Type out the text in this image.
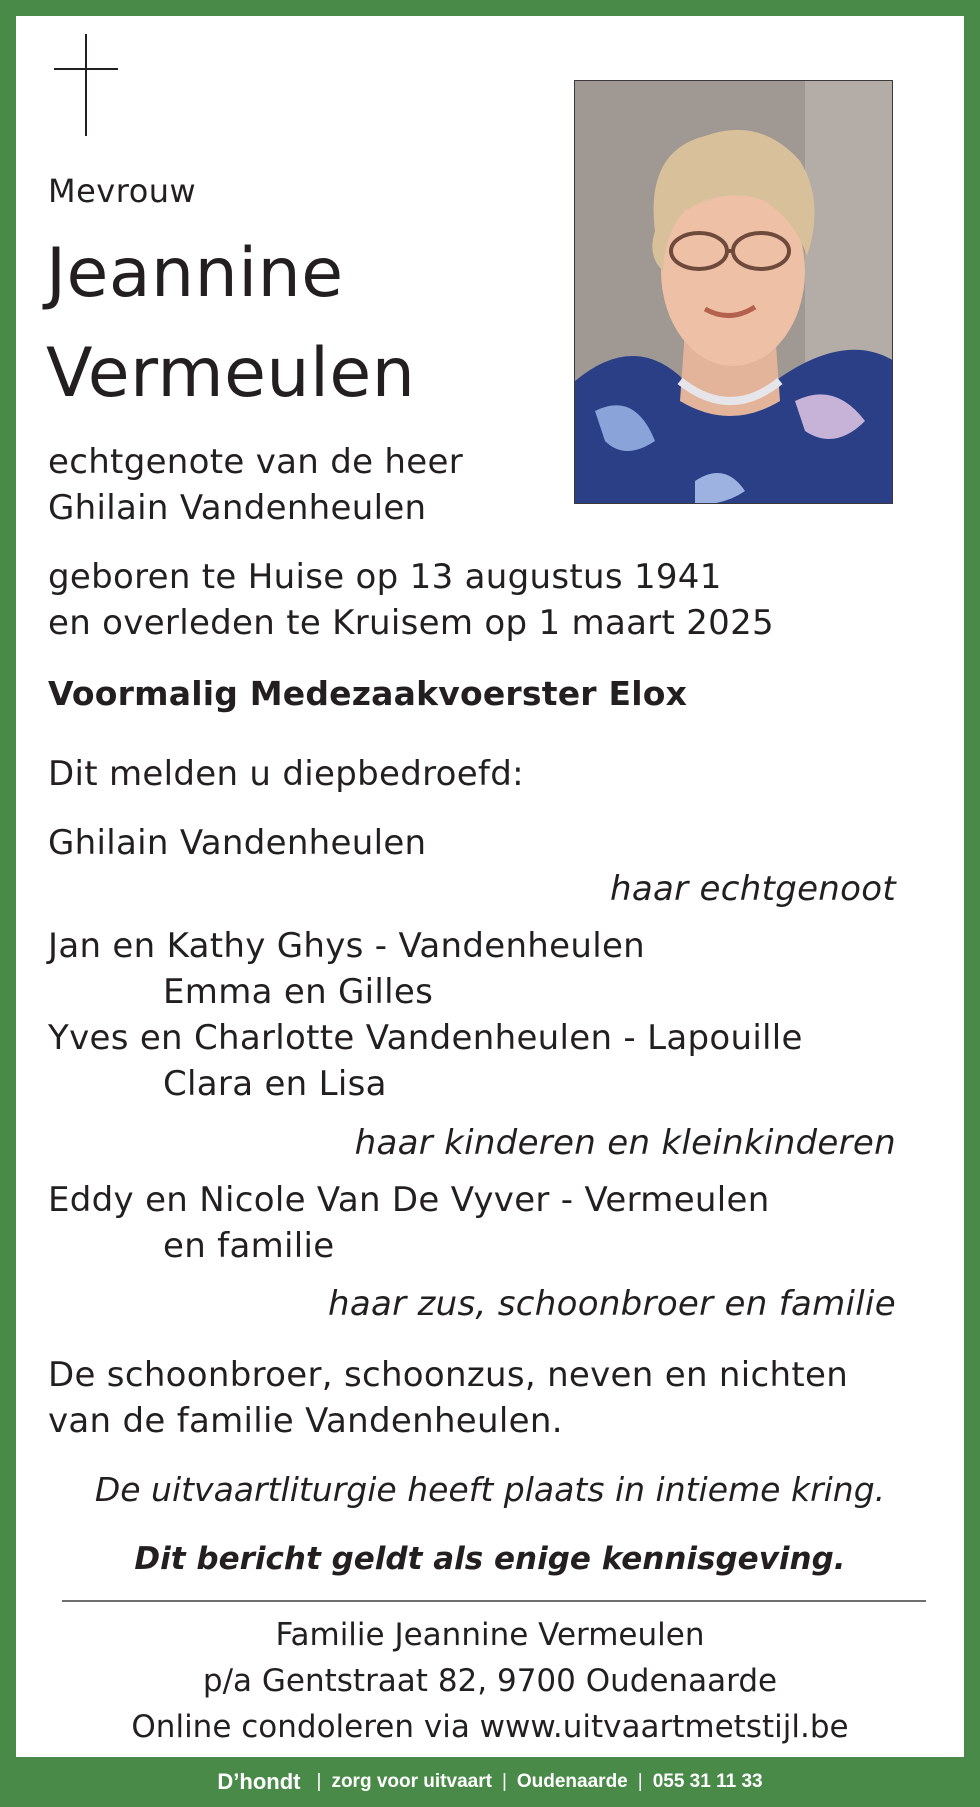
Mevrouw
Jeannine
Vermeulen
echtgenote van de heer
Ghilain Vandenheulen
geboren te Huise op 13 augustus 1941
en overleden te Kruisem op 1 maart 2025
Voormalig Medezaakvoerster Elox
Dit melden u diepbedroefd:
Ghilain Vandenheulen
haar echtgenoot
Jan en Kathy Ghys - Vandenheulen
Emma en Gilles
Yves en Charlotte Vandenheulen - Lapouille
Clara en Lisa
haar kinderen en kleinkinderen
Eddy en Nicole Van De Vyver - Vermeulen
en familie
haar zus, schoonbroer en familie
De schoonbroer, schoonzus, neven en nichten
van de familie Vandenheulen.
De uitvaartliturgie heeft plaats in intieme kring.
Dit bericht geldt als enige kennisgeving.
Familie Jeannine Vermeulen
p/a Gentstraat 82, 9700 Oudenaarde
Online condoleren via www.uitvaartmetstijl.be
D’hondt | zorg voor uitvaart | Oudenaarde | 055 31 11 33
